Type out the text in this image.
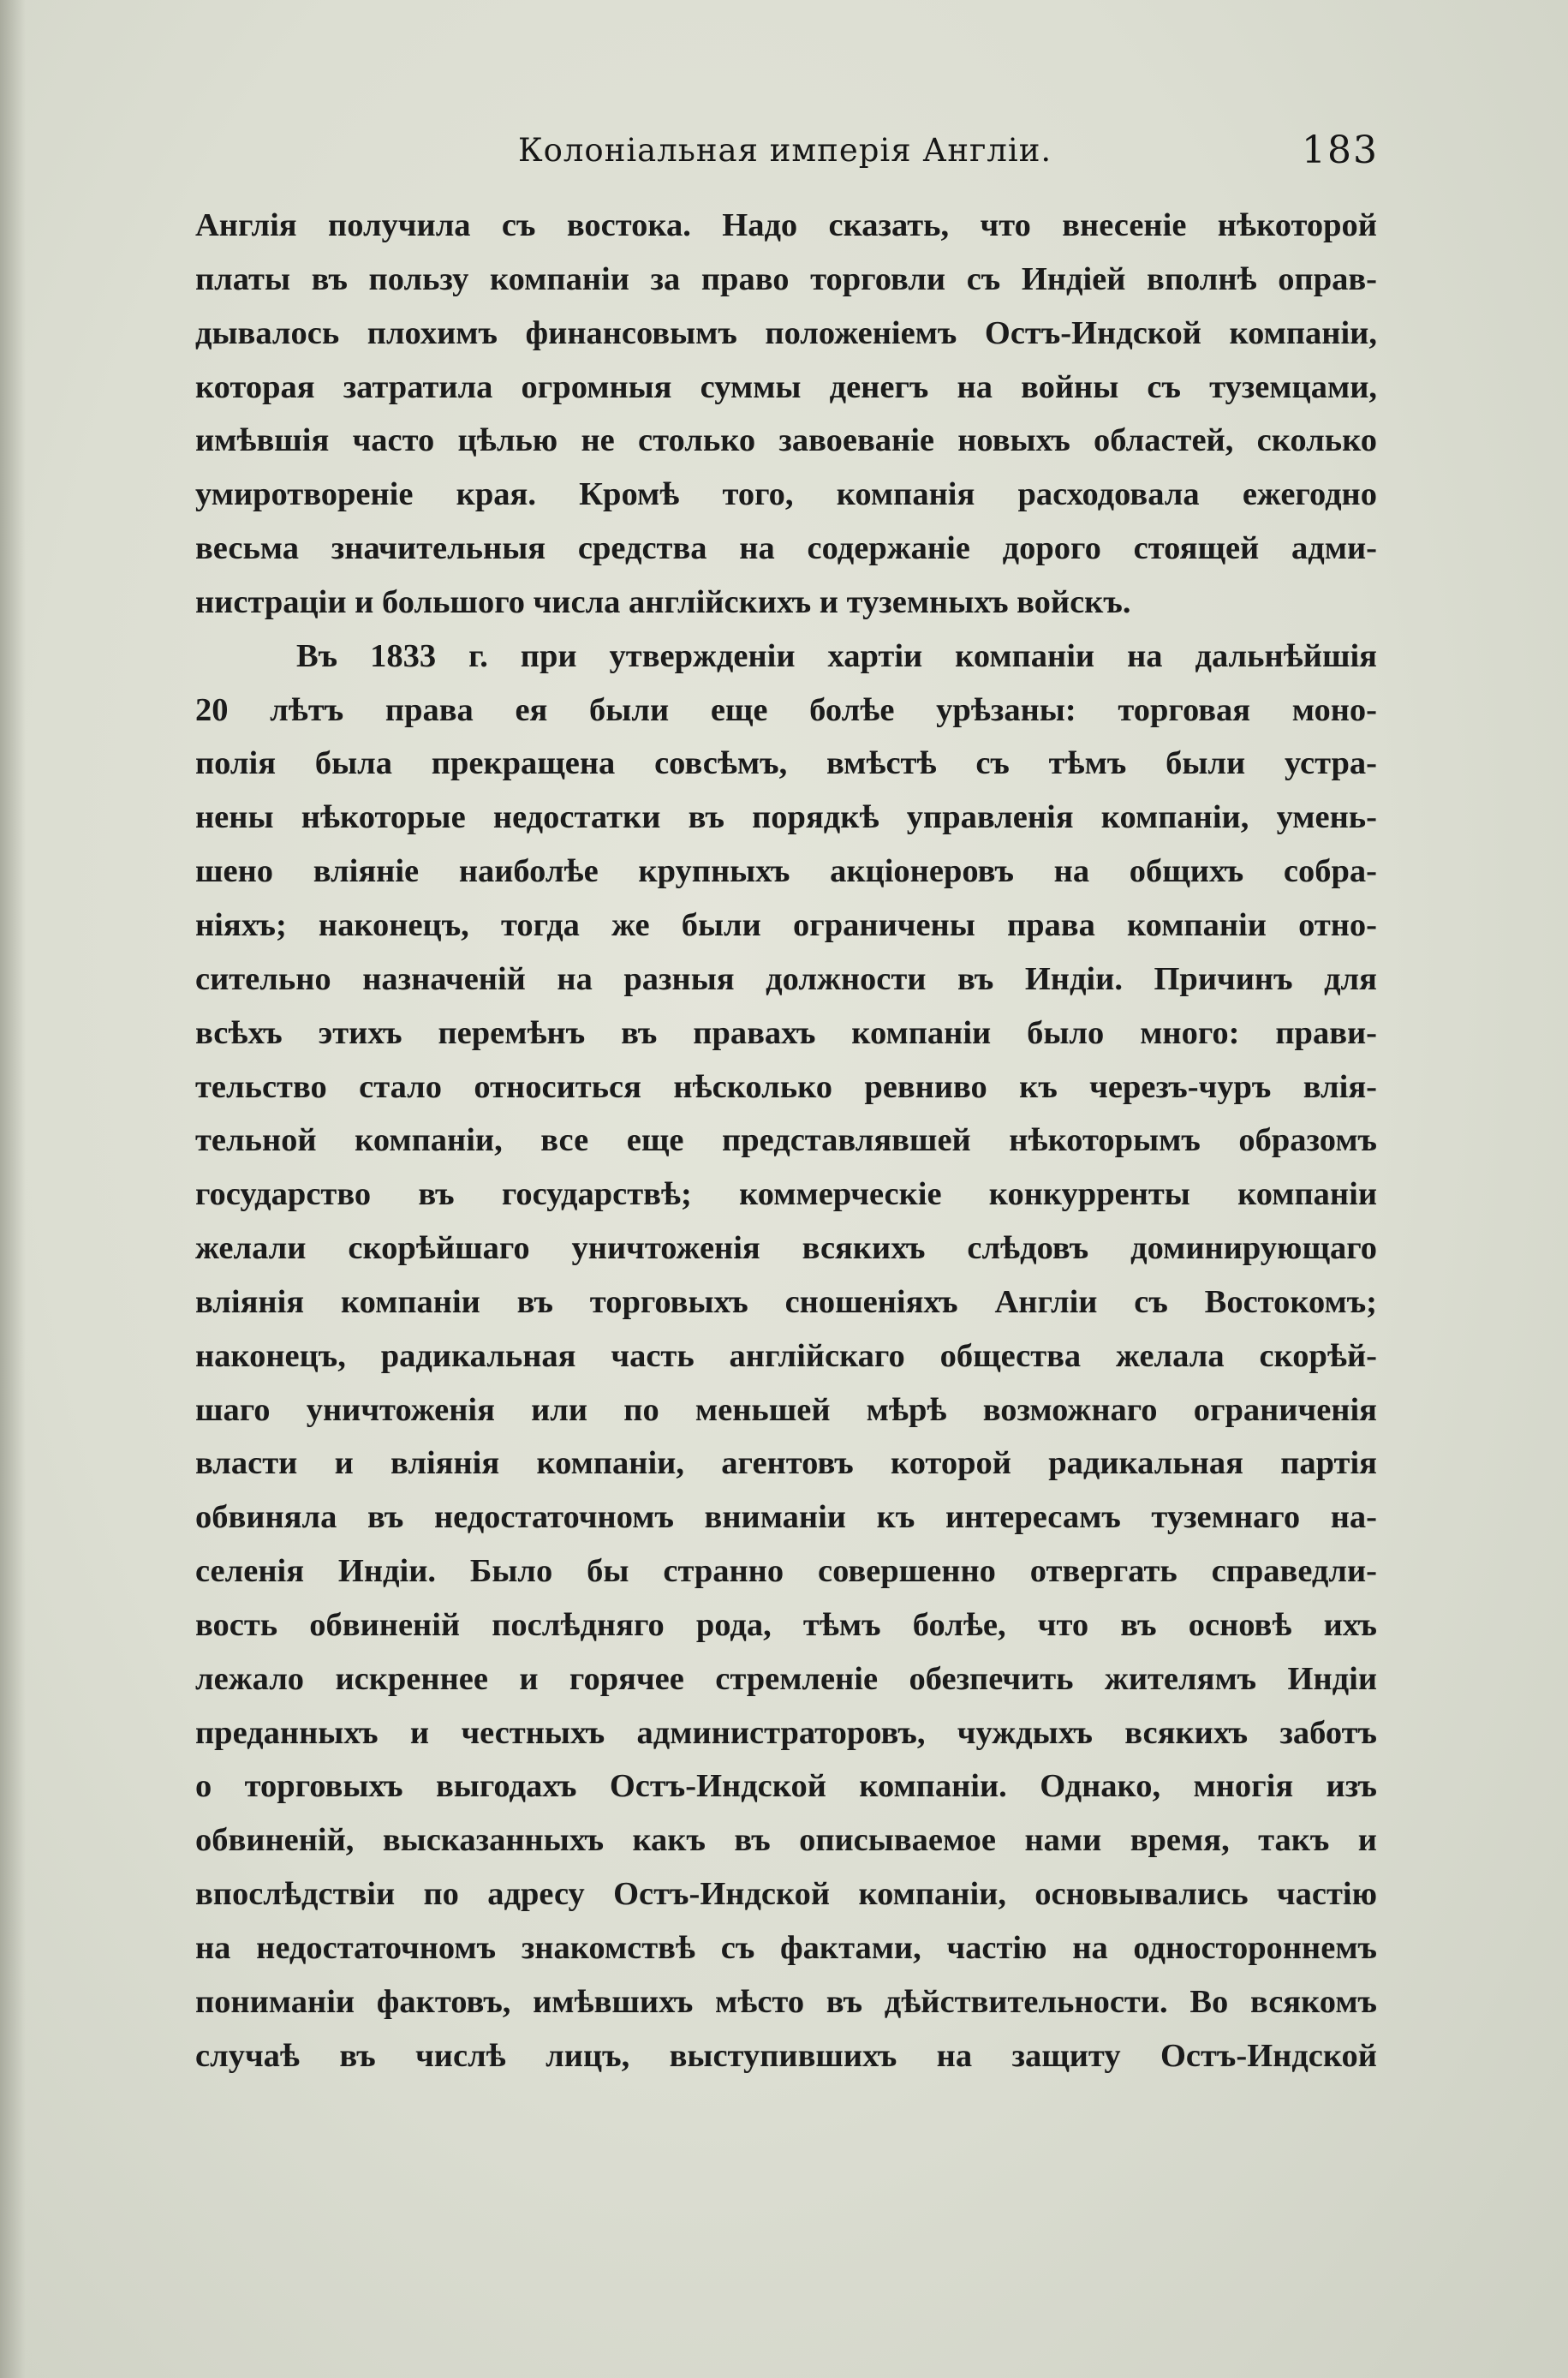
Колоніальная имперія Англіи.	183
Англія получила съ востока. Надо сказать, что внесеніе нѣкоторой
платы въ пользу компаніи за право торговли съ Индіей вполнѣ оправ-
дывалось плохимъ финансовымъ положеніемъ Остъ-Индской компаніи,
которая затратила огромныя суммы денегъ на войны съ туземцами,
имѣвшія часто цѣлью не столько завоеваніе новыхъ областей, сколько
умиротвореніе края. Кромѣ того, компанія расходовала ежегодно
весьма значительныя средства на содержаніе дорого стоящей адми-
нистраціи и большого числа англійскихъ и туземныхъ войскъ.
Въ 1833 г. при утвержденіи хартіи компаніи на дальнѣйшія
20 лѣтъ права ея были еще болѣе урѣзаны: торговая моно-
полія была прекращена совсѣмъ, вмѣстѣ съ тѣмъ были устра-
нены нѣкоторые недостатки въ порядкѣ управленія компаніи, умень-
шено вліяніе наиболѣе крупныхъ акціонеровъ на общихъ собра-
ніяхъ; наконецъ, тогда же были ограничены права компаніи отно-
сительно назначеній на разныя должности въ Индіи. Причинъ для
всѣхъ этихъ перемѣнъ въ правахъ компаніи было много: прави-
тельство стало относиться нѣсколько ревниво къ черезъ-чуръ влія-
тельной компаніи, все еще представлявшей нѣкоторымъ образомъ
государство въ государствѣ; коммерческіе конкурренты компаніи
желали скорѣйшаго уничтоженія всякихъ слѣдовъ доминирующаго
вліянія компаніи въ торговыхъ сношеніяхъ Англіи съ Востокомъ;
наконецъ, радикальная часть англійскаго общества желала скорѣй-
шаго уничтоженія или по меньшей мѣрѣ возможнаго ограниченія
власти и вліянія компаніи, агентовъ которой радикальная партія
обвиняла въ недостаточномъ вниманіи къ интересамъ туземнаго на-
селенія Индіи. Было бы странно совершенно отвергать справедли-
вость обвиненій послѣдняго рода, тѣмъ болѣе, что въ основѣ ихъ
лежало искреннее и горячее стремленіе обезпечить жителямъ Индіи
преданныхъ и честныхъ администраторовъ, чуждыхъ всякихъ заботъ
о торговыхъ выгодахъ Остъ-Индской компаніи. Однако, многія изъ
обвиненій, высказанныхъ какъ въ описываемое нами время, такъ и
впослѣдствіи по адресу Остъ-Индской компаніи, основывались частію
на недостаточномъ знакомствѣ съ фактами, частію на одностороннемъ
пониманіи фактовъ, имѣвшихъ мѣсто въ дѣйствительности. Во всякомъ
случаѣ въ числѣ лицъ, выступившихъ на защиту Остъ-Индской
